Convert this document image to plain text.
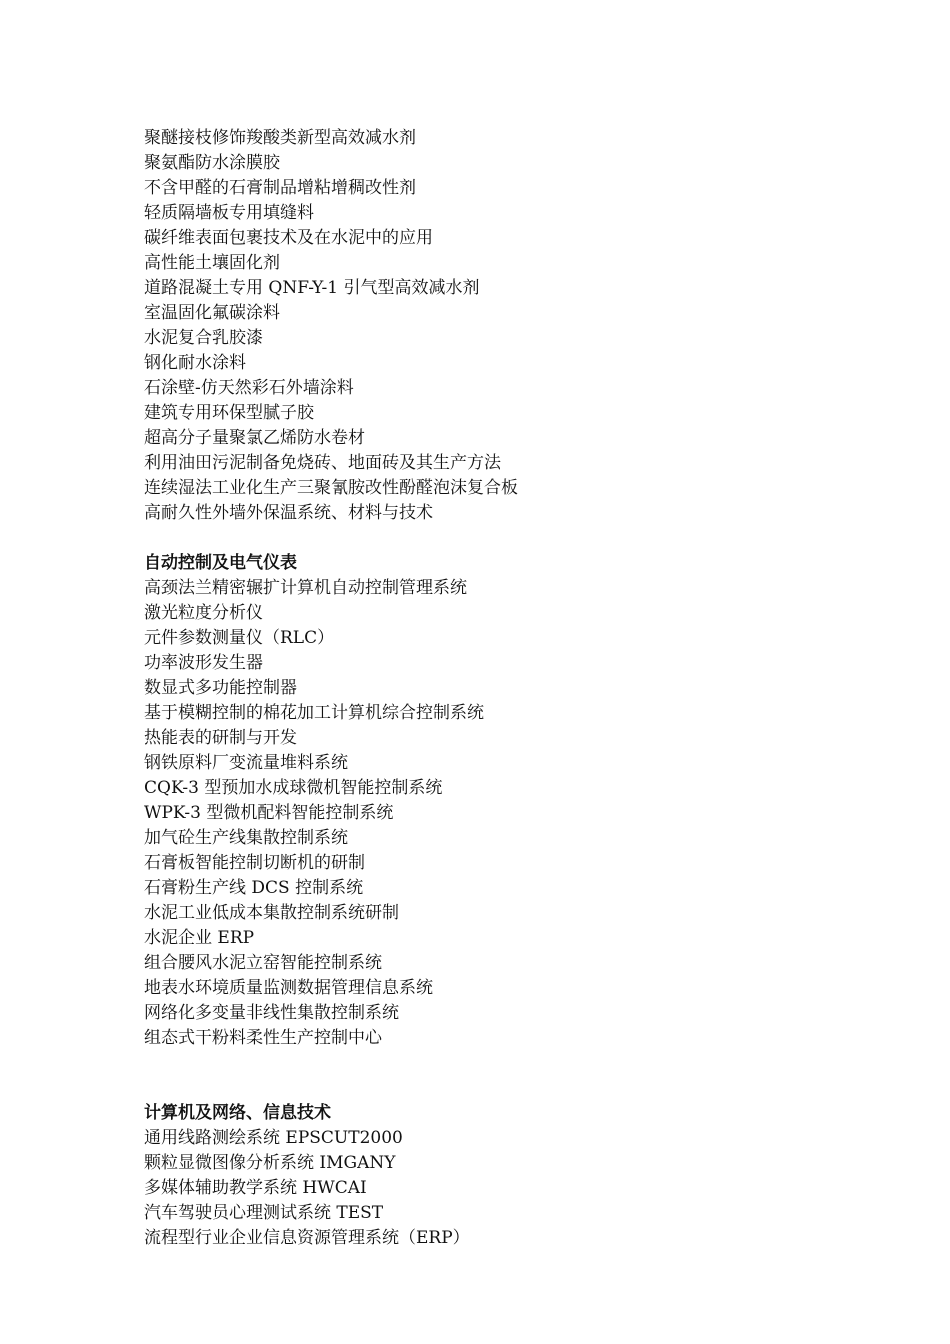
聚醚接枝修饰羧酸类新型高效减水剂
聚氨酯防水涂膜胶
不含甲醛的石膏制品增粘增稠改性剂
轻质隔墙板专用填缝料
碳纤维表面包裹技术及在水泥中的应用
高性能土壤固化剂
道路混凝土专用 QNF-Y-1 引气型高效减水剂
室温固化氟碳涂料
水泥复合乳胶漆
钢化耐水涂料
石涂壁-仿天然彩石外墙涂料
建筑专用环保型腻子胶
超高分子量聚氯乙烯防水卷材
利用油田污泥制备免烧砖、地面砖及其生产方法
连续湿法工业化生产三聚氰胺改性酚醛泡沫复合板
高耐久性外墙外保温系统、材料与技术
自动控制及电气仪表
高颈法兰精密辗扩计算机自动控制管理系统
激光粒度分析仪
元件参数测量仪（RLC）
功率波形发生器
数显式多功能控制器
基于模糊控制的棉花加工计算机综合控制系统
热能表的研制与开发
钢铁原料厂变流量堆料系统
CQK-3 型预加水成球微机智能控制系统
WPK-3 型微机配料智能控制系统
加气砼生产线集散控制系统
石膏板智能控制切断机的研制
石膏粉生产线 DCS 控制系统
水泥工业低成本集散控制系统研制
水泥企业 ERP
组合腰风水泥立窑智能控制系统
地表水环境质量监测数据管理信息系统
网络化多变量非线性集散控制系统
组态式干粉料柔性生产控制中心
计算机及网络、信息技术
通用线路测绘系统 EPSCUT2000
颗粒显微图像分析系统 IMGANY
多媒体辅助教学系统 HWCAI
汽车驾驶员心理测试系统 TEST
流程型行业企业信息资源管理系统（ERP）
